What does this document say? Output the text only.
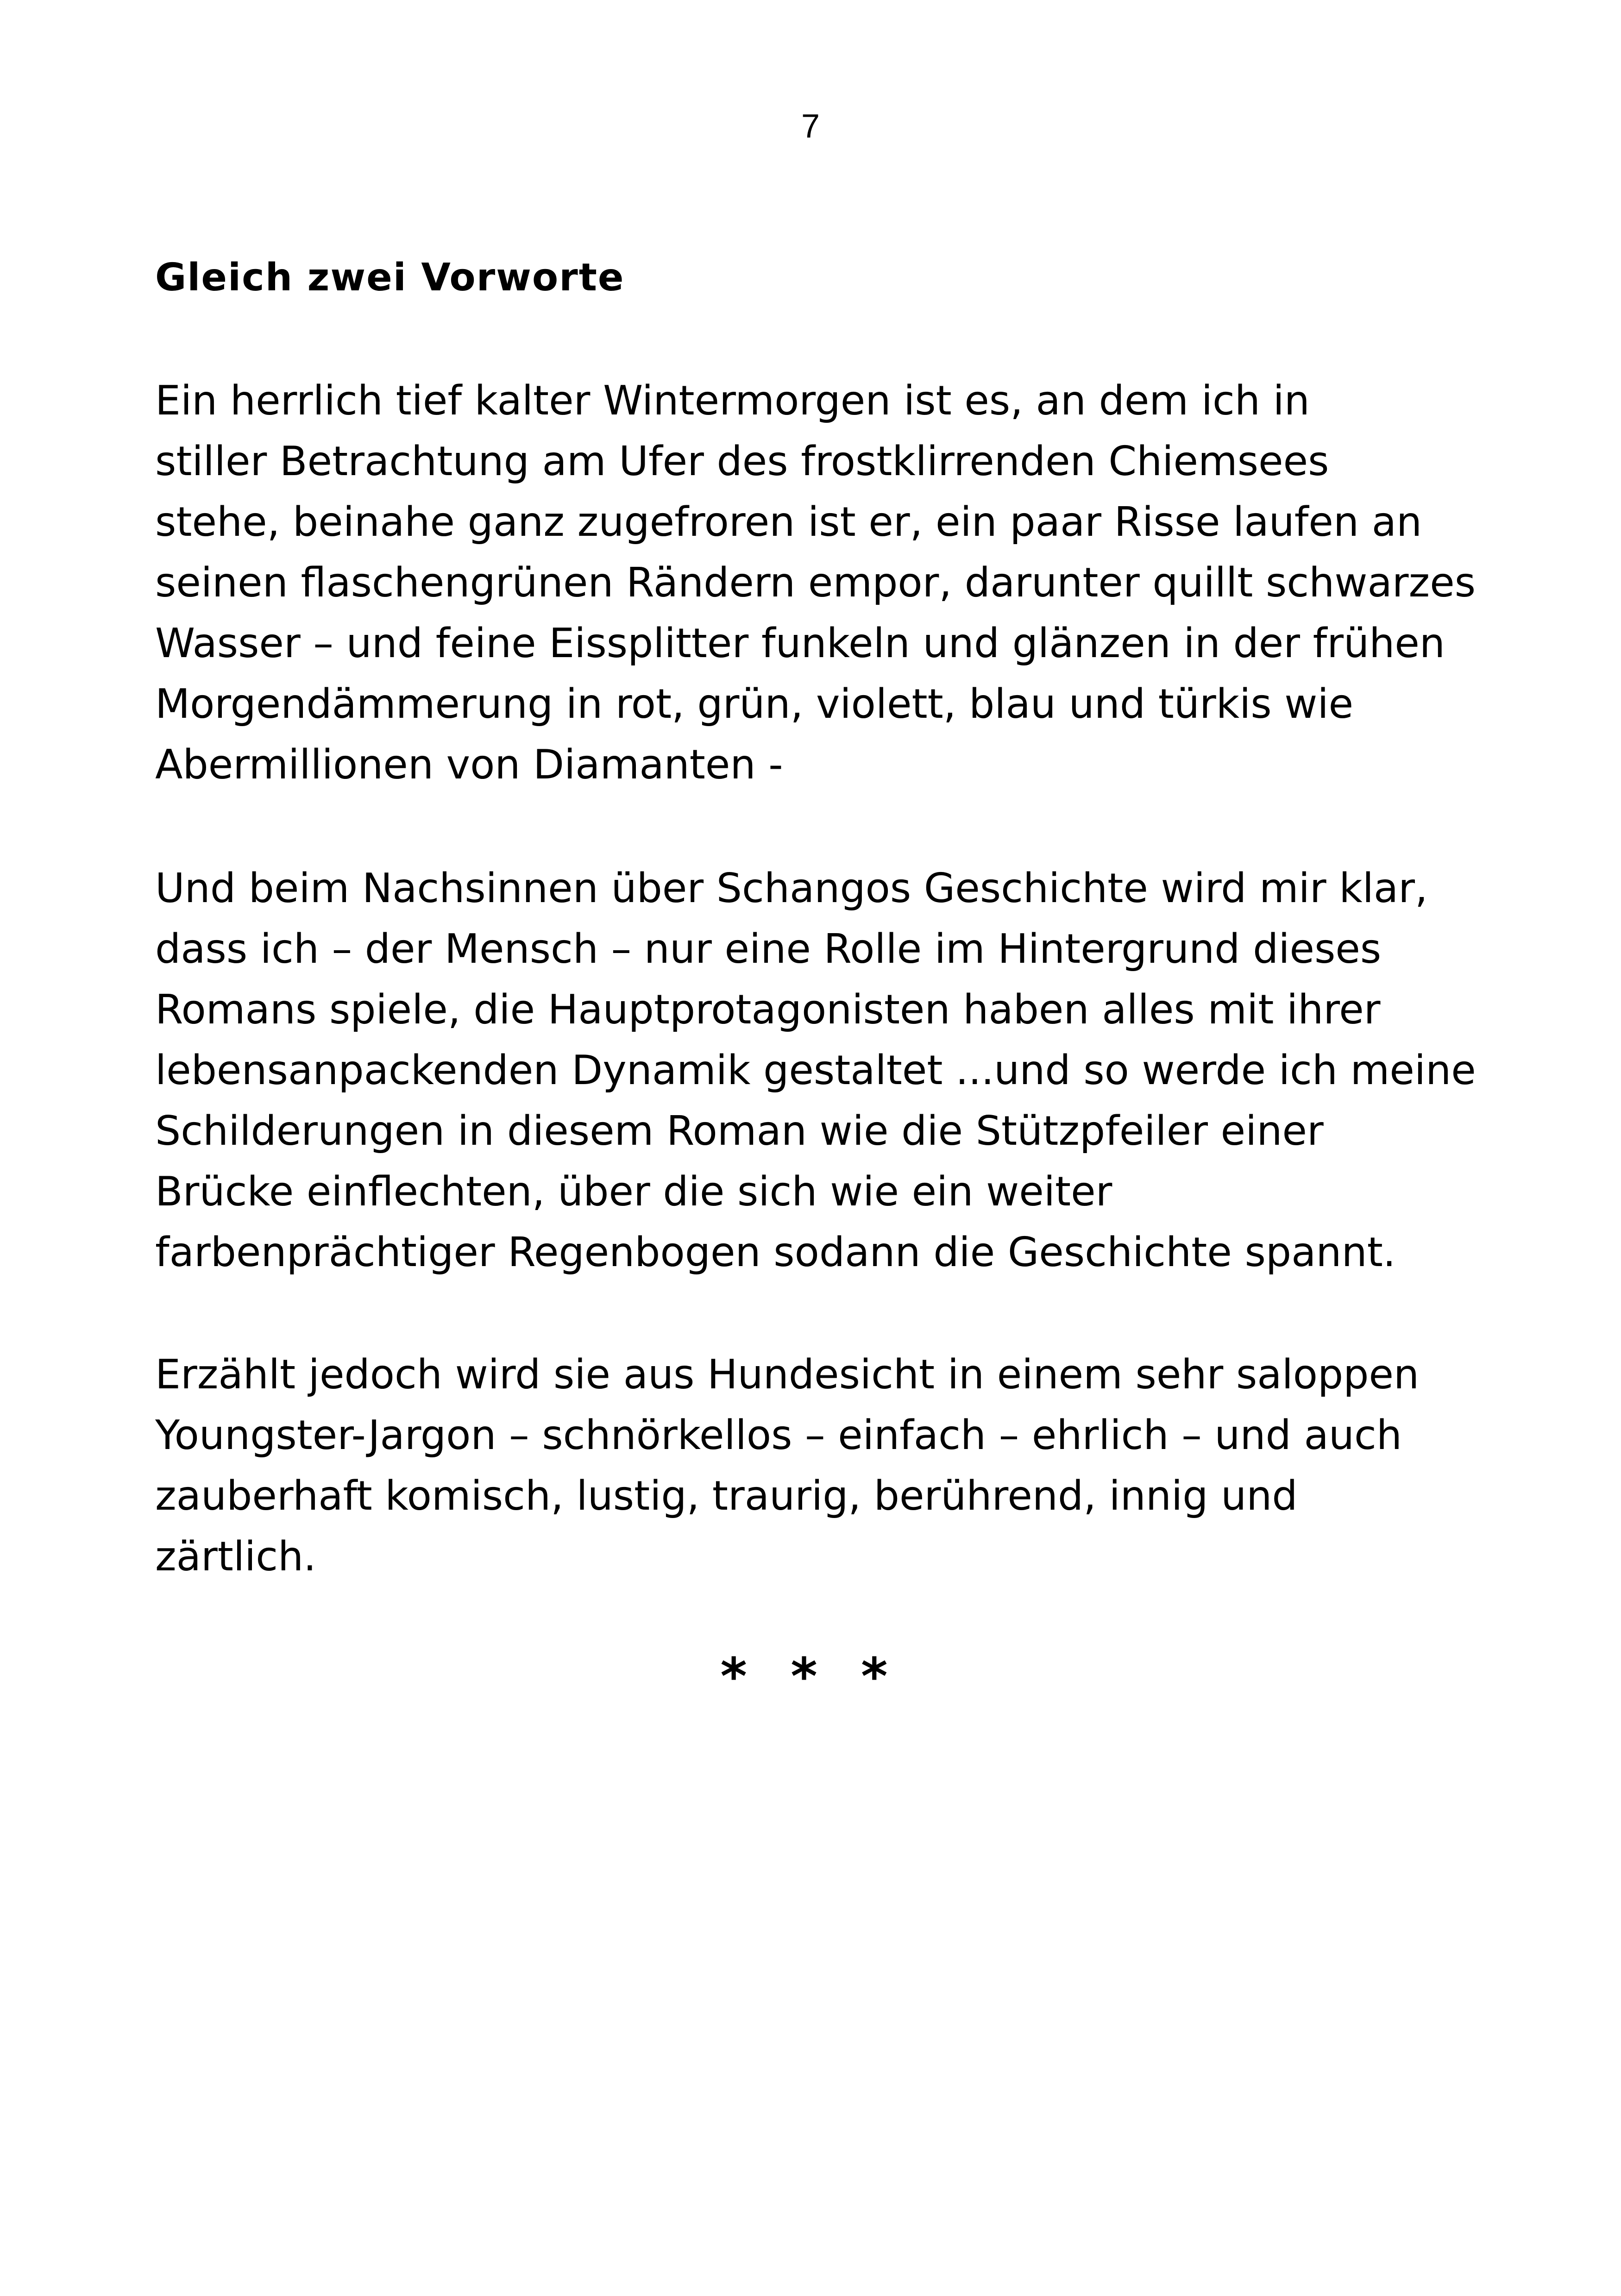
7
Gleich zwei Vorworte
Ein herrlich tief kalter Wintermorgen ist es, an dem ich in
stiller Betrachtung am Ufer des frostklirrenden Chiemsees
stehe, beinahe ganz zugefroren ist er, ein paar Risse laufen an
seinen flaschengrünen Rändern empor, darunter quillt schwarzes
Wasser – und feine Eissplitter funkeln und glänzen in der frühen
Morgendämmerung in rot, grün, violett, blau und türkis wie
Abermillionen von Diamanten -
Und beim Nachsinnen über Schangos Geschichte wird mir klar,
dass ich – der Mensch – nur eine Rolle im Hintergrund dieses
Romans spiele, die Hauptprotagonisten haben alles mit ihrer
lebensanpackenden Dynamik gestaltet ...und so werde ich meine
Schilderungen in diesem Roman wie die Stützpfeiler einer
Brücke einflechten, über die sich wie ein weiter
farbenprächtiger Regenbogen sodann die Geschichte spannt.
Erzählt jedoch wird sie aus Hundesicht in einem sehr saloppen
Youngster-Jargon – schnörkellos – einfach – ehrlich – und auch
zauberhaft komisch, lustig, traurig, berührend, innig und
zärtlich.
* * *
